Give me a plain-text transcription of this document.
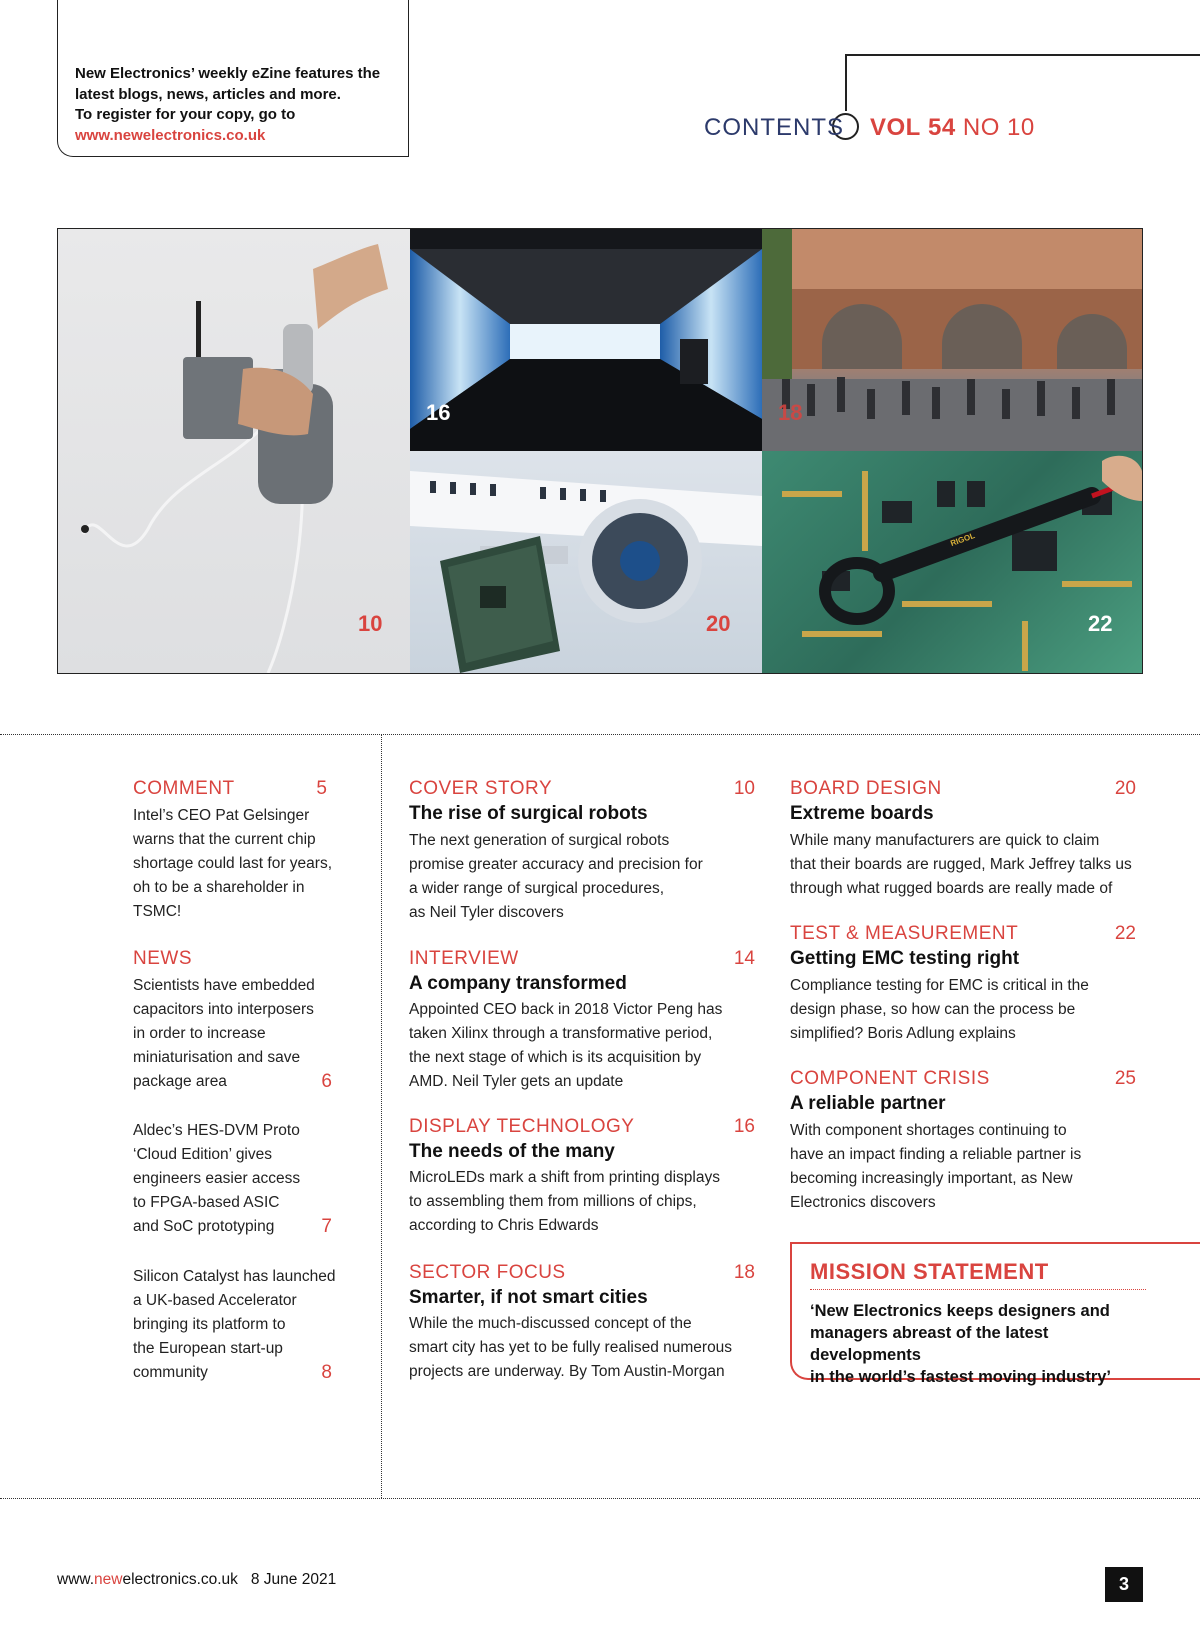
New Electronics’ weekly eZine features the
latest blogs, news, articles and more.
To register for your copy, go to
www.newelectronics.co.uk	CONTENTS VOL 54 NO 10
10
16	18
20
RIGOL
22
COMMENT	5
Intel’s CEO Pat Gelsinger
warns that the current chip
shortage could last for years,
oh to be a shareholder in
TSMC!
NEWS
Scientists have embedded
capacitors into interposers
in order to increase
miniaturisation and save
package area	6
Aldec’s HES-DVM Proto
‘Cloud Edition’ gives
engineers easier access
to FPGA-based ASIC
and SoC prototyping	7
Silicon Catalyst has launched
a UK-based Accelerator
bringing its platform to
the European start-up
community	8
COVER STORY	10
The rise of surgical robots
The next generation of surgical robots
promise greater accuracy and precision for
a wider range of surgical procedures,
as Neil Tyler discovers
INTERVIEW	14
A company transformed
Appointed CEO back in 2018 Victor Peng has
taken Xilinx through a transformative period,
the next stage of which is its acquisition by
AMD. Neil Tyler gets an update
DISPLAY TECHNOLOGY	16
The needs of the many
MicroLEDs mark a shift from printing displays
to assembling them from millions of chips,
according to Chris Edwards
SECTOR FOCUS	18
Smarter, if not smart cities
While the much-discussed concept of the
smart city has yet to be fully realised numerous
projects are underway. By Tom Austin-Morgan
BOARD DESIGN	20
Extreme boards
While many manufacturers are quick to claim
that their boards are rugged, Mark Jeffrey talks us
through what rugged boards are really made of
TEST & MEASUREMENT	22
Getting EMC testing right
Compliance testing for EMC is critical in the
design phase, so how can the process be
simplified? Boris Adlung explains
COMPONENT CRISIS	25
A reliable partner
With component shortages continuing to
have an impact finding a reliable partner is
becoming increasingly important, as New
Electronics discovers
MISSION STATEMENT
‘New Electronics keeps designers and
managers abreast of the latest developments
in the world’s fastest moving industry’
www.newelectronics.co.uk 8 June 2021	3
